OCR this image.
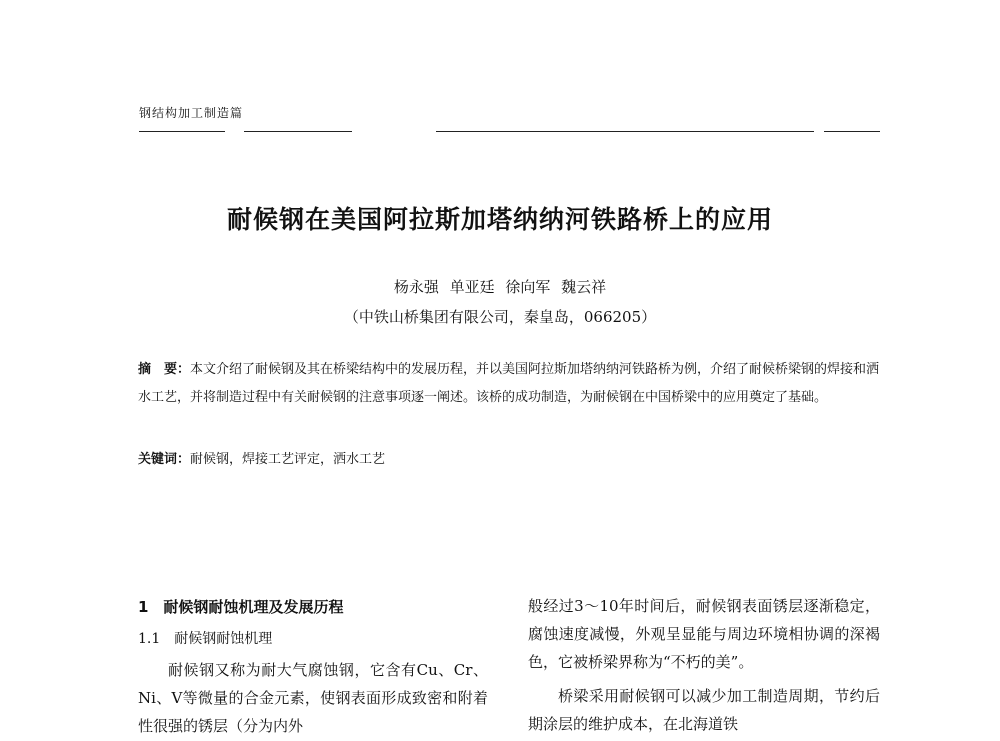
钢结构加工制造篇
耐候钢在美国阿拉斯加塔纳纳河铁路桥上的应用
杨永强 单亚廷 徐向军 魏云祥
（中铁山桥集团有限公司，秦皇岛，066205）
摘　要：本文介绍了耐候钢及其在桥梁结构中的发展历程，并以美国阿拉斯加塔纳纳河铁路桥为例，介绍了耐候桥梁钢的焊接和洒水工艺，并将制造过程中有关耐候钢的注意事项逐一阐述。该桥的成功制造，为耐候钢在中国桥梁中的应用奠定了基础。
关键词：耐候钢，焊接工艺评定，洒水工艺
1　耐候钢耐蚀机理及发展历程
1.1　耐候钢耐蚀机理

耐候钢又称为耐大气腐蚀钢，它含有Cu、Cr、Ni、V等微量的合金元素，使钢表面形成致密和附着性很强的锈层（分为内外

般经过3～10年时间后，耐候钢表面锈层逐渐稳定，腐蚀速度减慢，外观呈显能与周边环境相协调的深褐色，它被桥梁界称为“不朽的美”。

桥梁采用耐候钢可以减少加工制造周期，节约后期涂层的维护成本，在北海道铁
